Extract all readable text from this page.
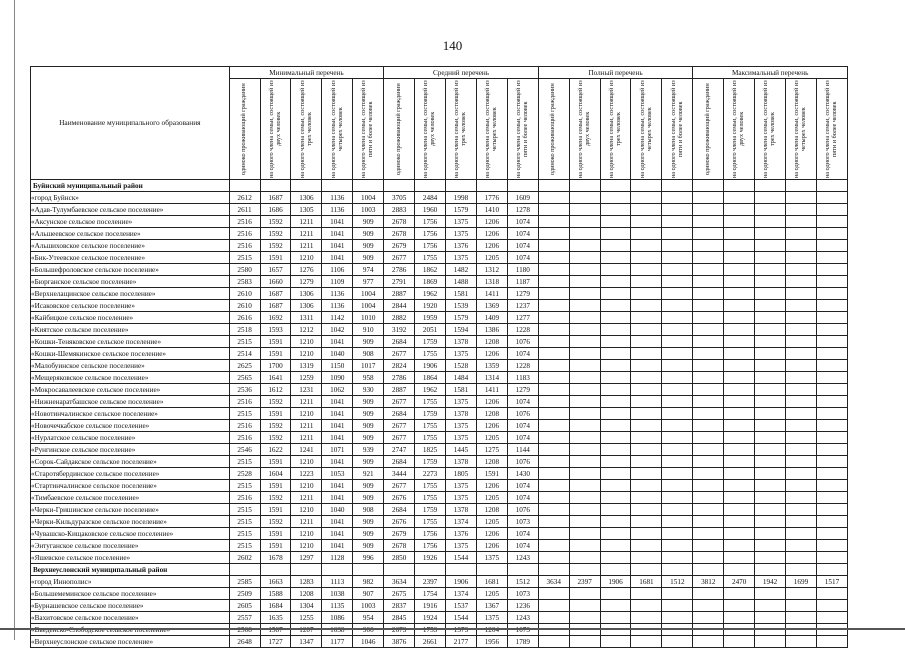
140
Наименование муниципального образования	Минимальный перечень					Средний перечень					Полный перечень					Максимальный перечень				

	одиноко проживающий гражданин	на одного члена семьи, состоящей из двух человек	на одного члена семьи, состоящей из трех человек	на одного члена семьи, состоящей из четырех человек	на одного члена семьи, состоящей из пяти и более человек	одиноко проживающий гражданин	на одного члена семьи, состоящей из двух человек	на одного члена семьи, состоящей из трех человек	на одного члена семьи, состоящей из четырех человек	на одного члена семьи, состоящей из пяти и более человек	одиноко проживающий гражданин	на одного члена семьи, состоящей из двух человек	на одного члена семьи, состоящей из трех человек	на одного члена семьи, состоящей из четырех человек	на одного члена семьи, состоящей из пяти и более человек	одиноко проживающий гражданин	на одного члена семьи, состоящей из двух человек	на одного члена семьи, состоящей из трех человек	на одного члена семьи, состоящей из четырех человек	на одного члена семьи, состоящей из пяти и более человек

Буйнский муниципальный район																				
«город Буйнск»	2612	1687	1306	1136	1004	3705	2484	1998	1776	1609										
«Адав-Тулумбаевское сельское поселение»	2611	1686	1305	1136	1003	2883	1960	1579	1410	1278										
«Аксунское сельское поселение»	2516	1592	1211	1041	909	2678	1756	1375	1206	1074										
«Альшеевское сельское поселение»	2516	1592	1211	1041	909	2678	1756	1375	1206	1074										
«Альшиховское сельское поселение»	2516	1592	1211	1041	909	2679	1756	1376	1206	1074										
«Бик-Утеевское сельское поселение»	2515	1591	1210	1041	909	2677	1755	1375	1205	1074										
«Большефроловское сельское поселение»	2580	1657	1276	1106	974	2786	1862	1482	1312	1180										
«Бюрганское сельское поселение»	2583	1660	1279	1109	977	2791	1869	1488	1318	1187										
«Верхнелащинское сельское поселение»	2610	1687	1306	1136	1004	2887	1962	1581	1411	1279										
«Исаковское сельское поселение»	2610	1687	1306	1136	1004	2844	1920	1539	1369	1237										
«Кайбицкое сельское поселение»	2616	1692	1311	1142	1010	2882	1959	1579	1409	1277										
«Киятское сельское поселение»	2518	1593	1212	1042	910	3192	2051	1594	1386	1228										
«Кошки-Теняковское сельское поселение»	2515	1591	1210	1041	909	2684	1759	1378	1208	1076										
«Кошки-Шемякинское сельское поселение»	2514	1591	1210	1040	908	2677	1755	1375	1206	1074										
«Малобуинское сельское поселение»	2625	1700	1319	1150	1017	2824	1906	1528	1359	1228										
«Мещеряковское сельское поселение»	2565	1641	1259	1090	958	2786	1864	1484	1314	1183										
«Мокросавалеевское сельское поселение»	2536	1612	1231	1062	930	2887	1962	1581	1411	1279										
«Нижненаратбашское сельское поселение»	2516	1592	1211	1041	909	2677	1755	1375	1206	1074										
«Новотинчалинское сельское поселение»	2515	1591	1210	1041	909	2684	1759	1378	1208	1076										
«Новочечкабское сельское поселение»	2516	1592	1211	1041	909	2677	1755	1375	1206	1074										
«Нурлатское сельское поселение»	2516	1592	1211	1041	909	2677	1755	1375	1205	1074										
«Рунгинское сельское поселение»	2546	1622	1241	1071	939	2747	1825	1445	1275	1144										
«Сорок-Сайдакское сельское поселение»	2515	1591	1210	1041	909	2684	1759	1378	1208	1076										
«Старотябердинское сельское поселение»	2528	1604	1223	1053	921	3444	2273	1805	1591	1430										
«Стартинчалинское сельское поселение»	2515	1591	1210	1041	909	2677	1755	1375	1206	1074										
«Тимбаевское сельское поселение»	2516	1592	1211	1041	909	2676	1755	1375	1205	1074										
«Черки-Гришинское сельское поселение»	2515	1591	1210	1040	908	2684	1759	1378	1208	1076										
«Черки-Кильдуразское сельское поселение»	2515	1592	1211	1041	909	2676	1755	1374	1205	1073										
«Чувашско-Кищаковское сельское поселение»	2515	1591	1210	1041	909	2679	1756	1376	1206	1074										
«Энтуганское сельское поселение»	2515	1591	1210	1041	909	2678	1756	1375	1206	1074										
«Яшевское сельское поселение»	2602	1678	1297	1128	996	2850	1926	1544	1375	1243										
Верхнеуслонский муниципальный район																				
«город Иннополис»	2585	1663	1283	1113	982	3634	2397	1906	1681	1512	3634	2397	1906	1681	1512	3812	2470	1942	1699	1517
«Большемеминское сельское поселение»	2509	1588	1208	1038	907	2675	1754	1374	1205	1073										
«Бурнашевское сельское поселение»	2605	1684	1304	1135	1003	2837	1916	1537	1367	1236										
«Вахитовское сельское поселение»	2557	1635	1255	1086	954	2845	1924	1544	1375	1243										

«Верхнеуслонское сельское поселение»	2648	1727	1347	1177	1046	3876	2661	2177	1956	1789										
